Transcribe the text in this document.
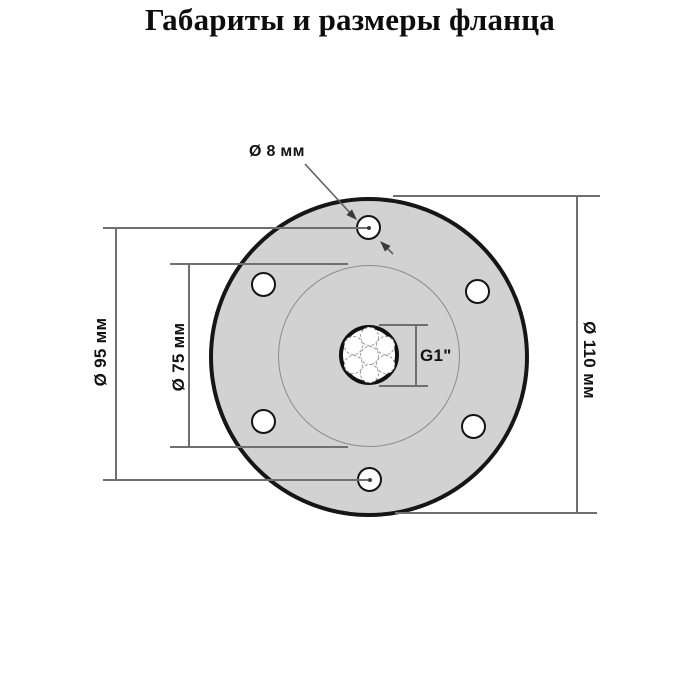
Габариты и размеры фланца
Ø 8 мм
Ø 95 мм	Ø 75 мм	Ø 110 мм
G1"
